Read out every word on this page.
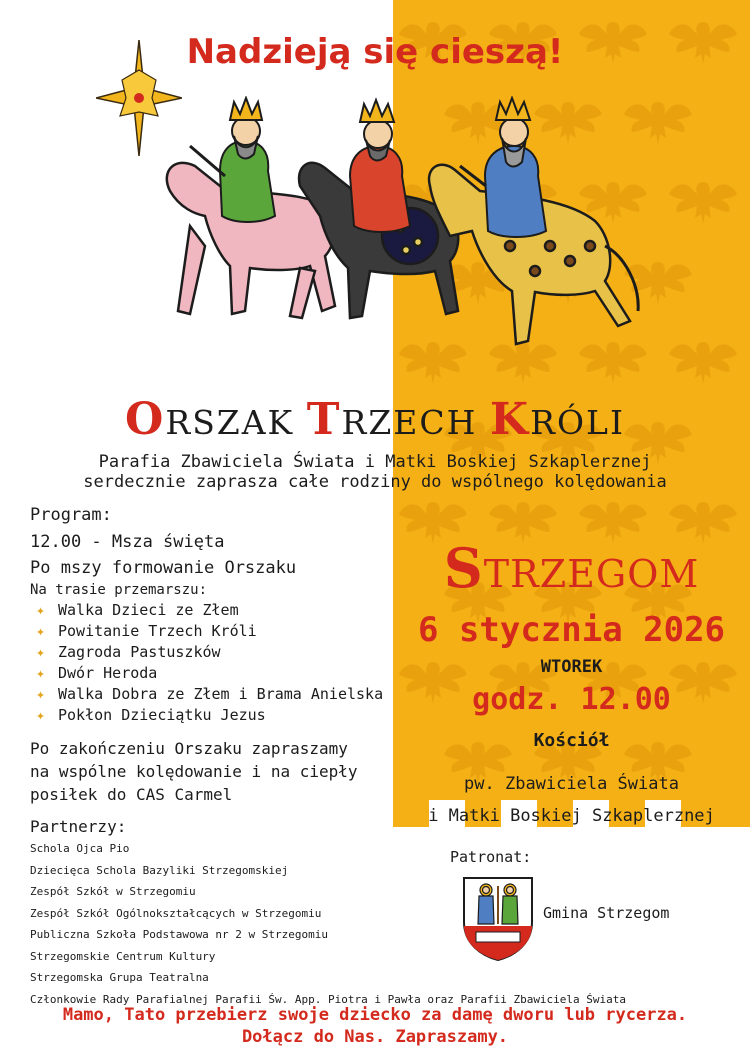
Nadzieją się cieszą!
ORSZAK TRZECH KRÓLI
Parafia Zbawiciela Świata i Matki Boskiej Szkaplerznej
serdecznie zaprasza całe rodziny do wspólnego kolędowania
Program:
12.00 - Msza święta
Po mszy formowanie Orszaku
Na trasie przemarszu:
✦ Walka Dzieci ze Złem
✦ Powitanie Trzech Króli
✦ Zagroda Pastuszków
✦ Dwór Heroda
✦ Walka Dobra ze Złem i Brama Anielska
✦ Pokłon Dzieciątku Jezus
Po zakończeniu Orszaku zapraszamy
na wspólne kolędowanie i na ciepły
posiłek do CAS Carmel
STRZEGOM
6 stycznia 2026
WTOREK
godz. 12.00
Kościół
pw. Zbawiciela Świata
i Matki Boskiej Szkaplerznej
Partnerzy:
Schola Ojca Pio
Dziecięca Schola Bazyliki Strzegomskiej
Zespół Szkół w Strzegomiu
Zespół Szkół Ogólnokształcących w Strzegomiu
Publiczna Szkoła Podstawowa nr 2 w Strzegomiu
Strzegomskie Centrum Kultury
Strzegomska Grupa Teatralna
Członkowie Rady Parafialnej Parafii Św. App. Piotra i Pawła oraz Parafii Zbawiciela Świata
Patronat:
Gmina Strzegom
Mamo, Tato przebierz swoje dziecko za damę dworu lub rycerza.
Dołącz do Nas. Zapraszamy.
